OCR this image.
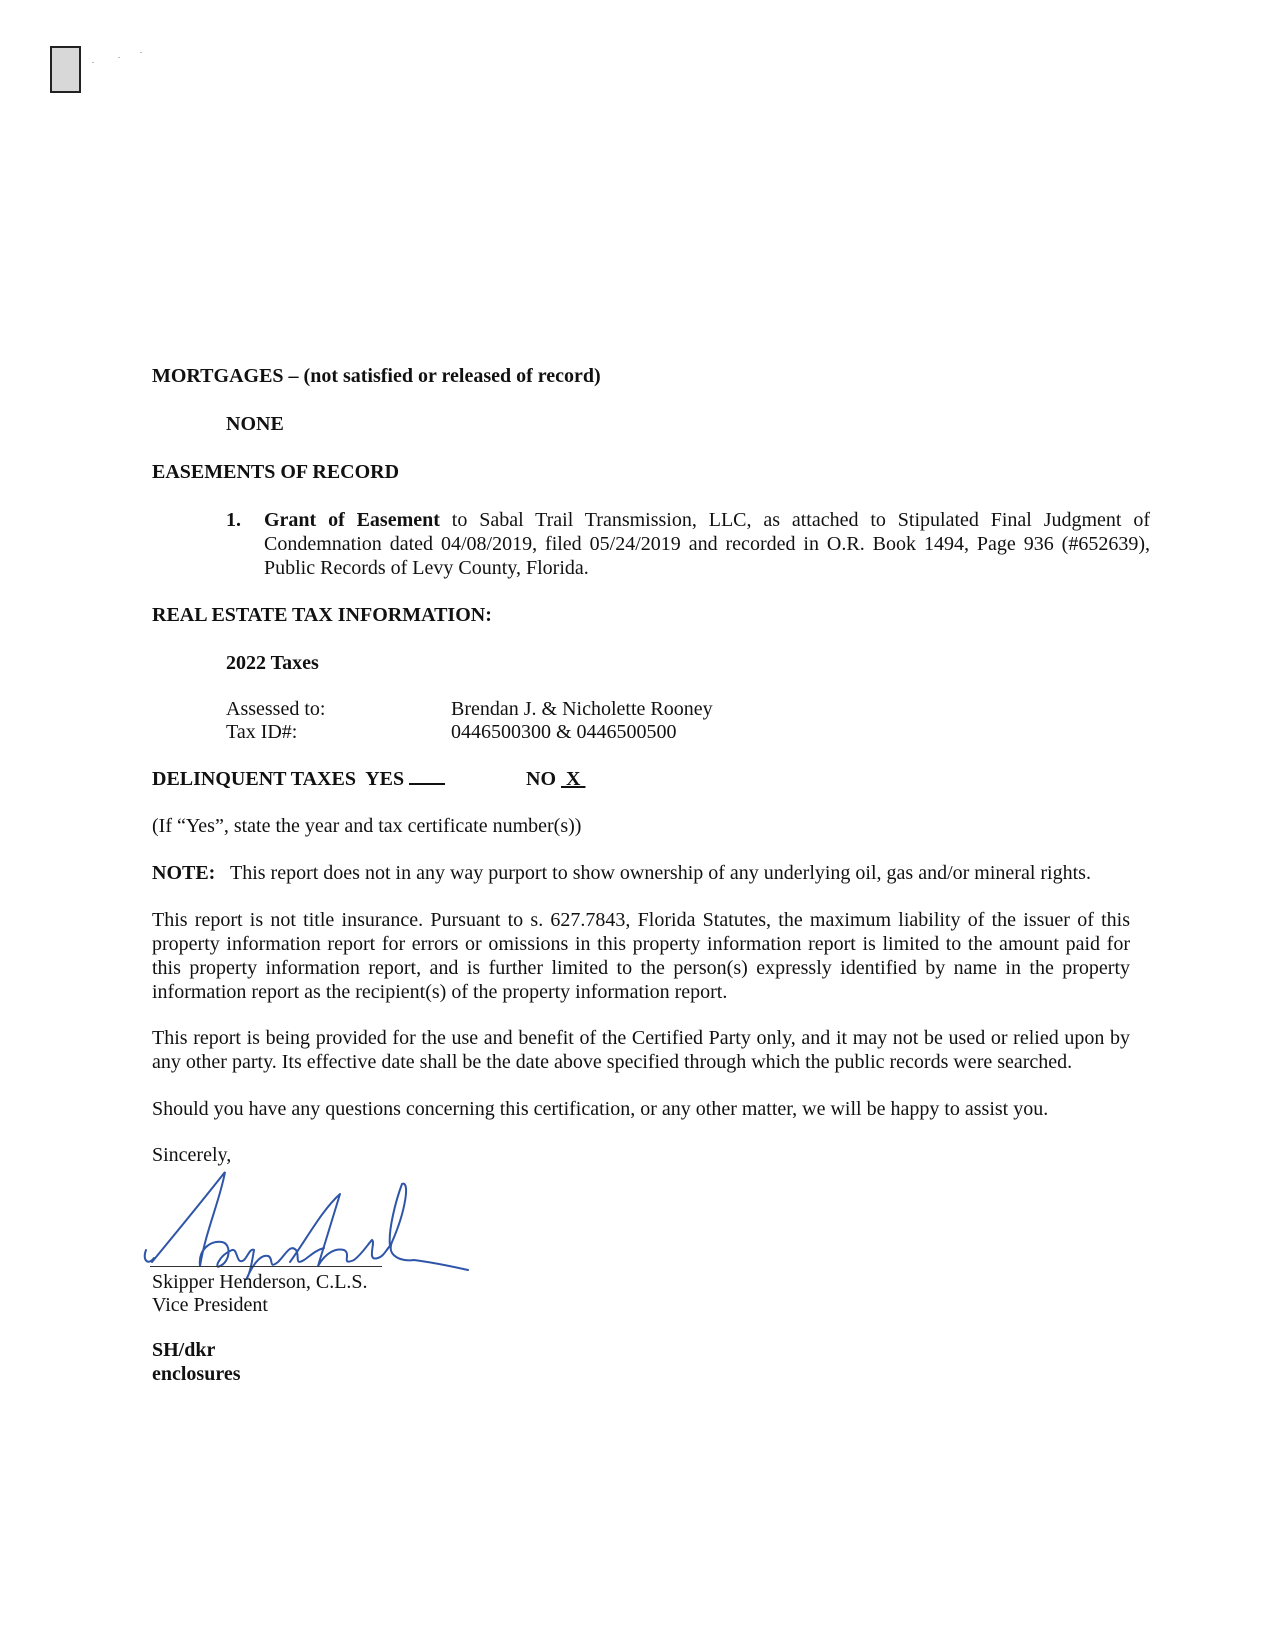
MORTGAGES – (not satisfied or released of record)
NONE
EASEMENTS OF RECORD
1. Grant of Easement to Sabal Trail Transmission, LLC, as attached to Stipulated Final Judgment of Condemnation dated 04/08/2019, filed 05/24/2019 and recorded in O.R. Book 1494, Page 936 (#652639), Public Records of Levy County, Florida.
REAL ESTATE TAX INFORMATION:
2022 Taxes
Assessed to:	Brendan J. & Nicholette Rooney
Tax ID#:	0446500300 & 0446500500
DELINQUENT TAXES YES	NO X
(If “Yes”, state the year and tax certificate number(s))
NOTE: This report does not in any way purport to show ownership of any underlying oil, gas and/or mineral rights.
This report is not title insurance. Pursuant to s. 627.7843, Florida Statutes, the maximum liability of the issuer of this property information report for errors or omissions in this property information report is limited to the amount paid for this property information report, and is further limited to the person(s) expressly identified by name in the property information report as the recipient(s) of the property information report.
This report is being provided for the use and benefit of the Certified Party only, and it may not be used or relied upon by any other party. Its effective date shall be the date above specified through which the public records were searched.
Should you have any questions concerning this certification, or any other matter, we will be happy to assist you.
Sincerely,
Skipper Henderson, C.L.S.
Vice President
SH/dkr
enclosures
